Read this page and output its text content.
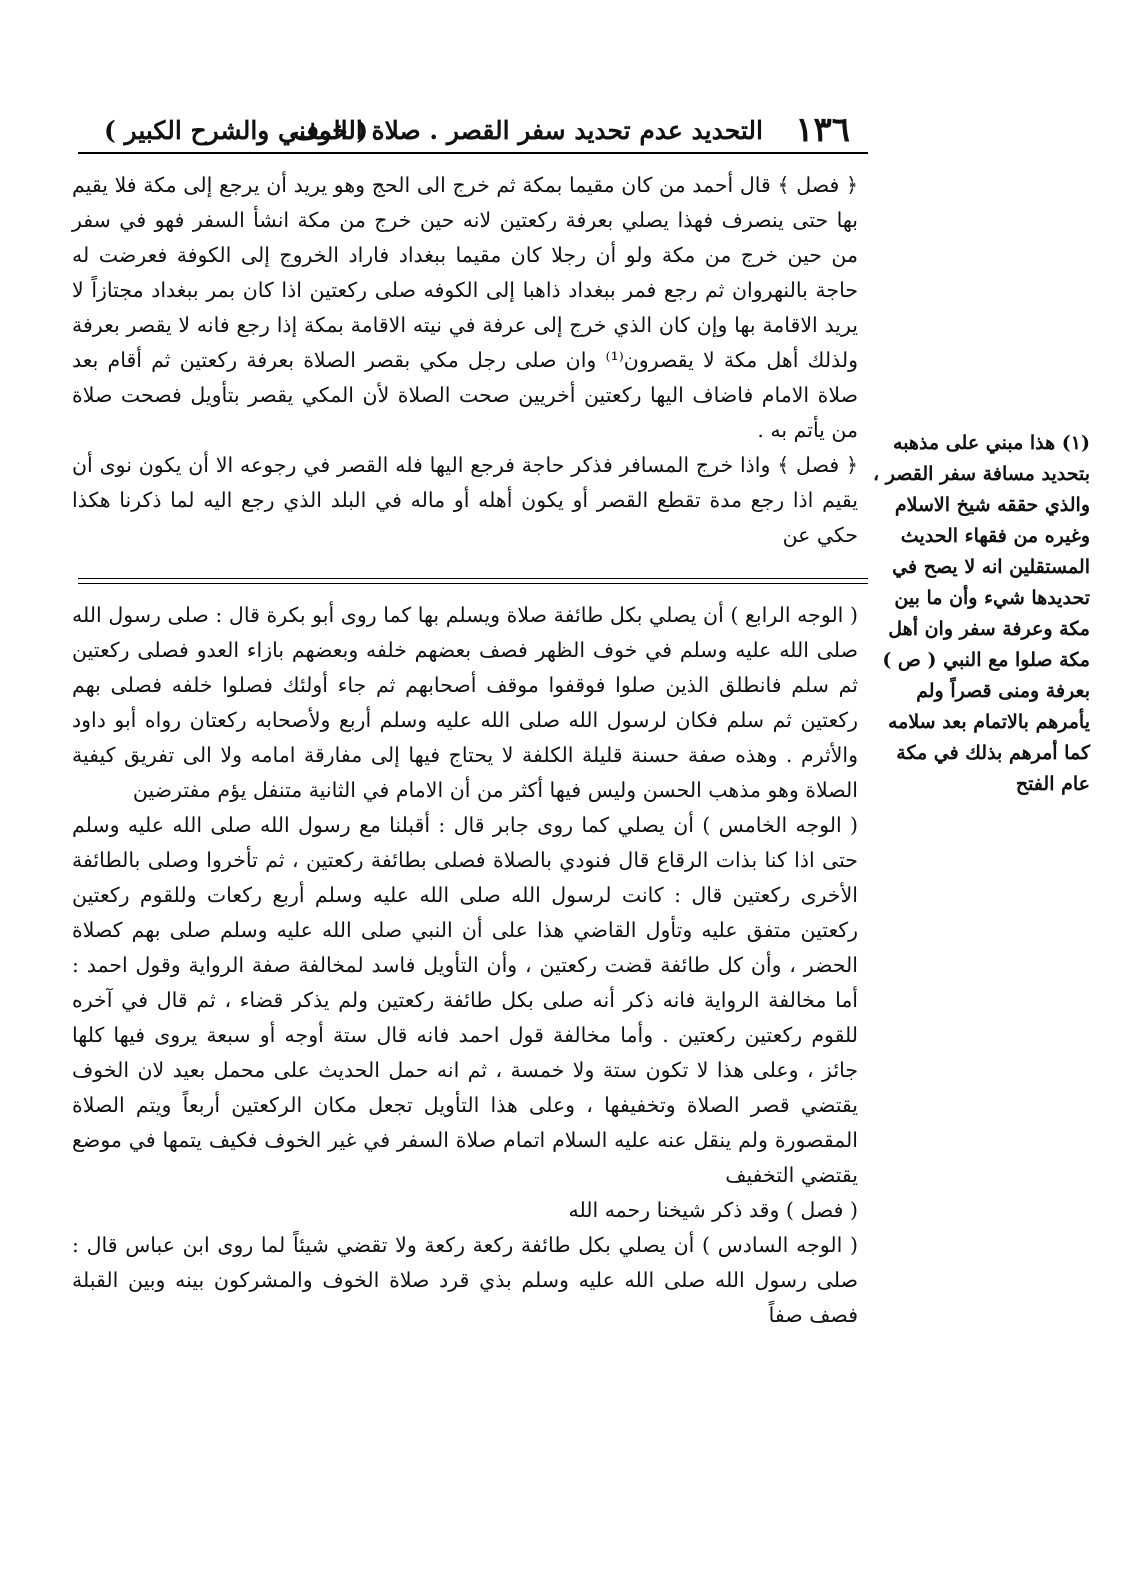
١٣٦
التحديد عدم تحديد سفر القصر . صلاة الخوف
( المغني والشرح الكبير )

﴿ فصل ﴾ قال أحمد من كان مقيما بمكة ثم خرج الى الحج وهو يريد أن يرجع إلى مكة فلا يقيم بها حتى ينصرف فهذا يصلي بعرفة ركعتين لانه حين خرج من مكة انشأ السفر فهو في سفر من حين خرج من مكة ولو أن رجلا كان مقيما ببغداد فاراد الخروج إلى الكوفة فعرضت له حاجة بالنهروان ثم رجع فمر ببغداد ذاهبا إلى الكوفه صلى ركعتين اذا كان بمر ببغداد مجتازاً لا يريد الاقامة بها وإن كان الذي خرج إلى عرفة في نيته الاقامة بمكة إذا رجع فانه لا يقصر بعرفة ولذلك أهل مكة لا يقصرون⁽¹⁾ وان صلى رجل مكي بقصر الصلاة بعرفة ركعتين ثم أقام بعد صلاة الامام فاضاف اليها ركعتين أخريين صحت الصلاة لأن المكي يقصر بتأويل فصحت صلاة من يأتم به .

﴿ فصل ﴾ واذا خرج المسافر فذكر حاجة فرجع اليها فله القصر في رجوعه الا أن يكون نوى أن يقيم اذا رجع مدة تقطع القصر أو يكون أهله أو ماله في البلد الذي رجع اليه لما ذكرنا هكذا حكي عن

( الوجه الرابع ) أن يصلي بكل طائفة صلاة ويسلم بها كما روى أبو بكرة قال : صلى رسول الله صلى الله عليه وسلم في خوف الظهر فصف بعضهم خلفه وبعضهم بازاء العدو فصلى ركعتين ثم سلم فانطلق الذين صلوا فوقفوا موقف أصحابهم ثم جاء أولئك فصلوا خلفه فصلى بهم ركعتين ثم سلم فكان لرسول الله صلى الله عليه وسلم أربع ولأصحابه ركعتان رواه أبو داود والأثرم . وهذه صفة حسنة قليلة الكلفة لا يحتاج فيها إلى مفارقة امامه ولا الى تفريق كيفية الصلاة وهو مذهب الحسن وليس فيها أكثر من أن الامام في الثانية متنفل يؤم مفترضين

( الوجه الخامس ) أن يصلي كما روى جابر قال : أقبلنا مع رسول الله صلى الله عليه وسلم حتى اذا كنا بذات الرقاع قال فنودي بالصلاة فصلى بطائفة ركعتين ، ثم تأخروا وصلى بالطائفة الأخرى ركعتين قال : كانت لرسول الله صلى الله عليه وسلم أربع ركعات وللقوم ركعتين ركعتين متفق عليه وتأول القاضي هذا على أن النبي صلى الله عليه وسلم صلى بهم كصلاة الحضر ، وأن كل طائفة قضت ركعتين ، وأن التأويل فاسد لمخالفة صفة الرواية وقول احمد : أما مخالفة الرواية فانه ذكر أنه صلى بكل طائفة ركعتين ولم يذكر قضاء ، ثم قال في آخره للقوم ركعتين ركعتين . وأما مخالفة قول احمد فانه قال ستة أوجه أو سبعة يروى فيها كلها جائز ، وعلى هذا لا تكون ستة ولا خمسة ، ثم انه حمل الحديث على محمل بعيد لان الخوف يقتضي قصر الصلاة وتخفيفها ، وعلى هذا التأويل تجعل مكان الركعتين أربعاً ويتم الصلاة المقصورة ولم ينقل عنه عليه السلام اتمام صلاة السفر في غير الخوف فكيف يتمها في موضع يقتضي التخفيف

( فصل ) وقد ذكر شيخنا رحمه الله

( الوجه السادس ) أن يصلي بكل طائفة ركعة ركعة ولا تقضي شيئاً لما روى ابن عباس قال : صلى رسول الله صلى الله عليه وسلم بذي قرد صلاة الخوف والمشركون بينه وبين القبلة فصف صفاً

(١) هذا مبني على مذهبه بتحديد مسافة سفر القصر ، والذي حققه شيخ الاسلام وغيره من فقهاء الحديث المستقلين انه لا يصح في تحديدها شيء وأن ما بين مكة وعرفة سفر وان أهل مكة صلوا مع النبي ( ص ) بعرفة ومنى قصراً ولم يأمرهم بالاتمام بعد سلامه كما أمرهم بذلك في مكة عام الفتح
